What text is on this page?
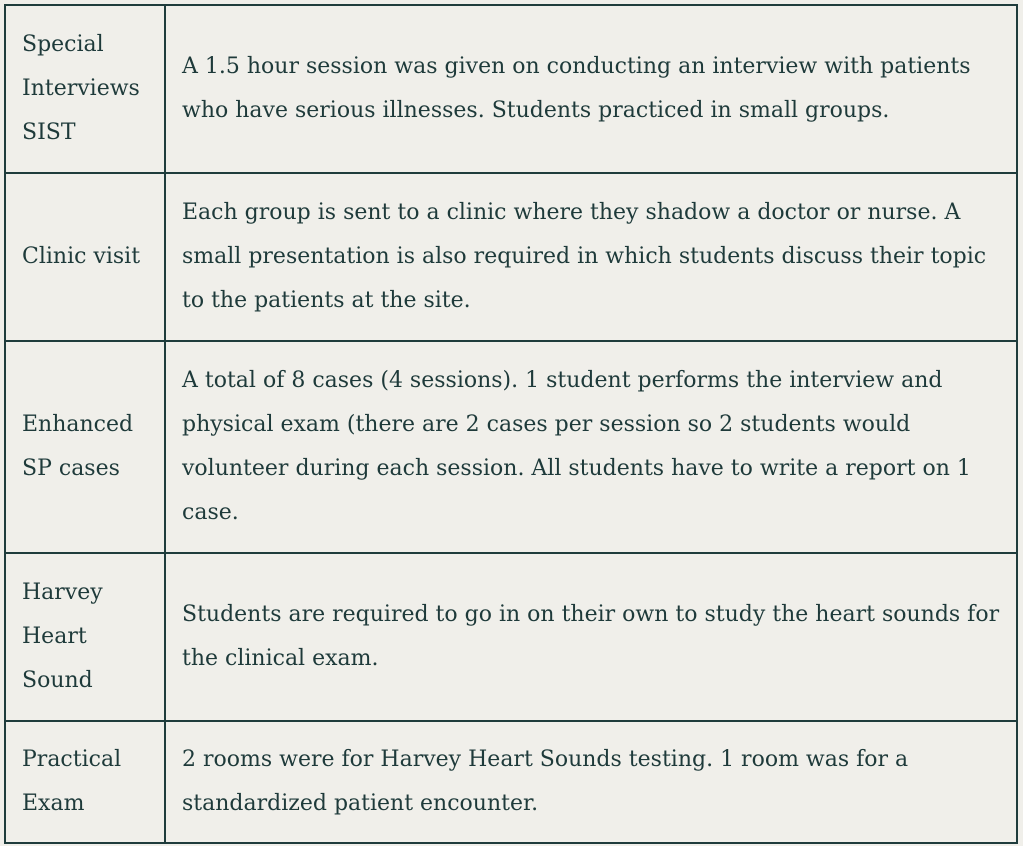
Special Interviews SIST	A 1.5 hour session was given on conducting an interview with patients who have serious illnesses. Students practiced in small groups.
Clinic visit	Each group is sent to a clinic where they shadow a doctor or nurse. A small presentation is also required in which students discuss their topic to the patients at the site.
Enhanced SP cases	A total of 8 cases (4 sessions). 1 student performs the interview and physical exam (there are 2 cases per session so 2 students would volunteer during each session. All students have to write a report on 1 case.
Harvey Heart Sound	Students are required to go in on their own to study the heart sounds for the clinical exam.
Practical Exam	2 rooms were for Harvey Heart Sounds testing. 1 room was for a standardized patient encounter.
